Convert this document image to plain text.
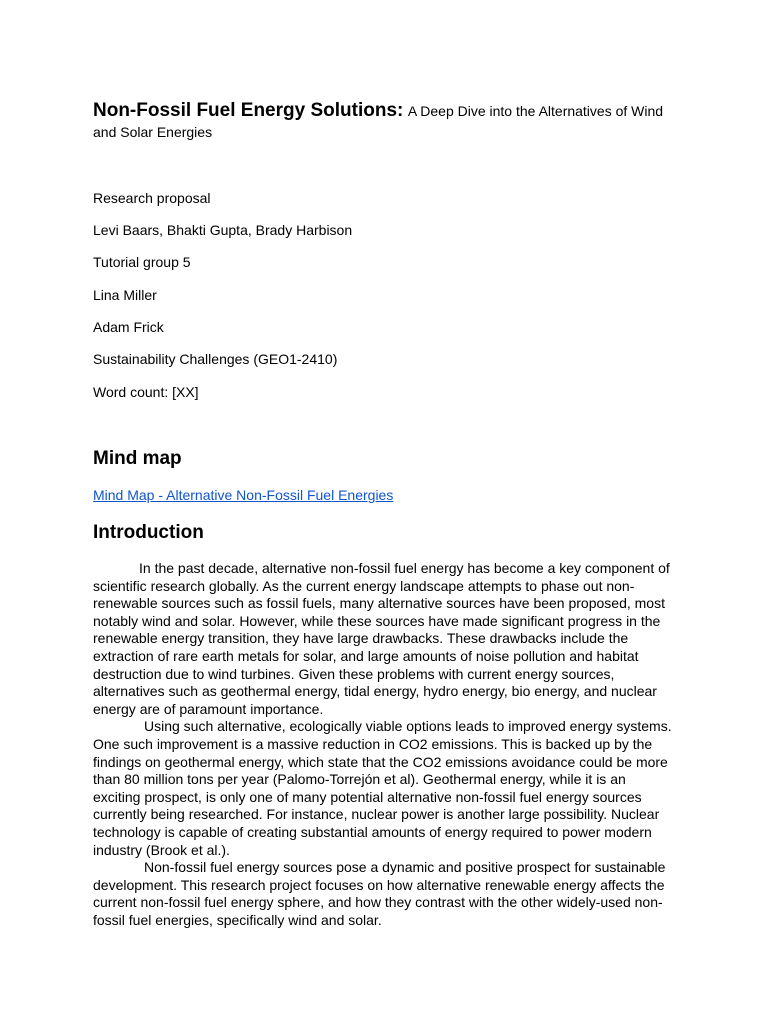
Non-Fossil Fuel Energy Solutions: A Deep Dive into the Alternatives of Wind and Solar Energies
Research proposal
Levi Baars, Bhakti Gupta, Brady Harbison
Tutorial group 5
Lina Miller
Adam Frick
Sustainability Challenges (GEO1-2410)
Word count: [XX]
Mind map
Mind Map - Alternative Non-Fossil Fuel Energies
Introduction

In the past decade, alternative non-fossil fuel energy has become a key component of scientific research globally. As the current energy landscape attempts to phase out non-renewable sources such as fossil fuels, many alternative sources have been proposed, most notably wind and solar. However, while these sources have made significant progress in the renewable energy transition, they have large drawbacks. These drawbacks include the extraction of rare earth metals for solar, and large amounts of noise pollution and habitat destruction due to wind turbines. Given these problems with current energy sources, alternatives such as geothermal energy, tidal energy, hydro energy, bio energy, and nuclear energy are of paramount importance.

Using such alternative, ecologically viable options leads to improved energy systems. One such improvement is a massive reduction in CO2 emissions. This is backed up by the findings on geothermal energy, which state that the CO2 emissions avoidance could be more than 80 million tons per year (Palomo-Torrejón et al). Geothermal energy, while it is an exciting prospect, is only one of many potential alternative non-fossil fuel energy sources currently being researched. For instance, nuclear power is another large possibility. Nuclear technology is capable of creating substantial amounts of energy required to power modern industry (Brook et al.).

Non-fossil fuel energy sources pose a dynamic and positive prospect for sustainable development. This research project focuses on how alternative renewable energy affects the current non-fossil fuel energy sphere, and how they contrast with the other widely-used non-fossil fuel energies, specifically wind and solar.
